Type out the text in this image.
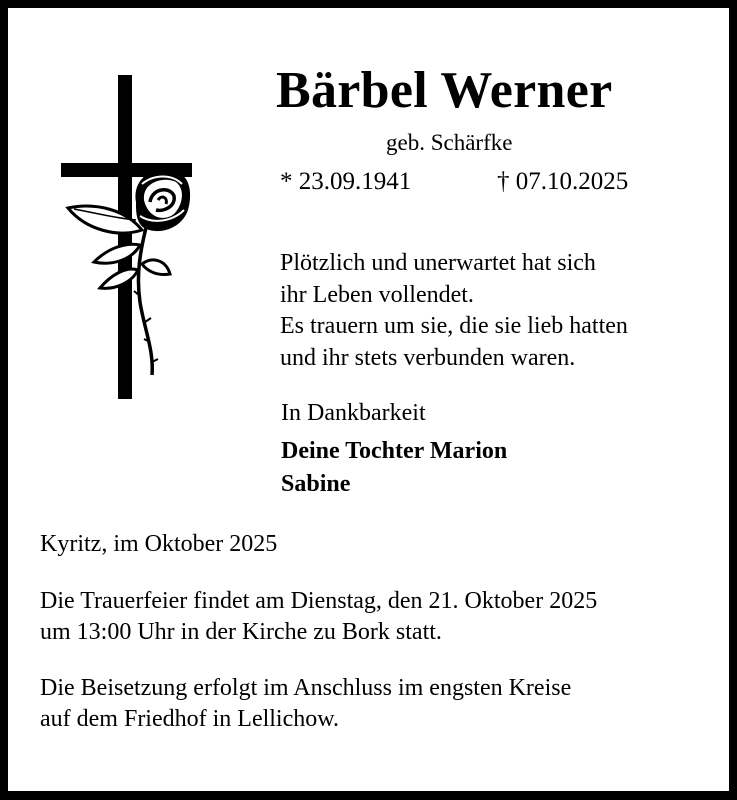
Bärbel Werner
geb. Schärfke
* 23.09.1941	† 07.10.2025
Plötzlich und unerwartet hat sich
ihr Leben vollendet.
Es trauern um sie, die sie lieb hatten
und ihr stets verbunden waren.
In Dankbarkeit
Deine Tochter Marion
Sabine
Kyritz, im Oktober 2025
Die Trauerfeier findet am Dienstag, den 21. Oktober 2025
um 13:00 Uhr in der Kirche zu Bork statt.
Die Beisetzung erfolgt im Anschluss im engsten Kreise
auf dem Friedhof in Lellichow.
